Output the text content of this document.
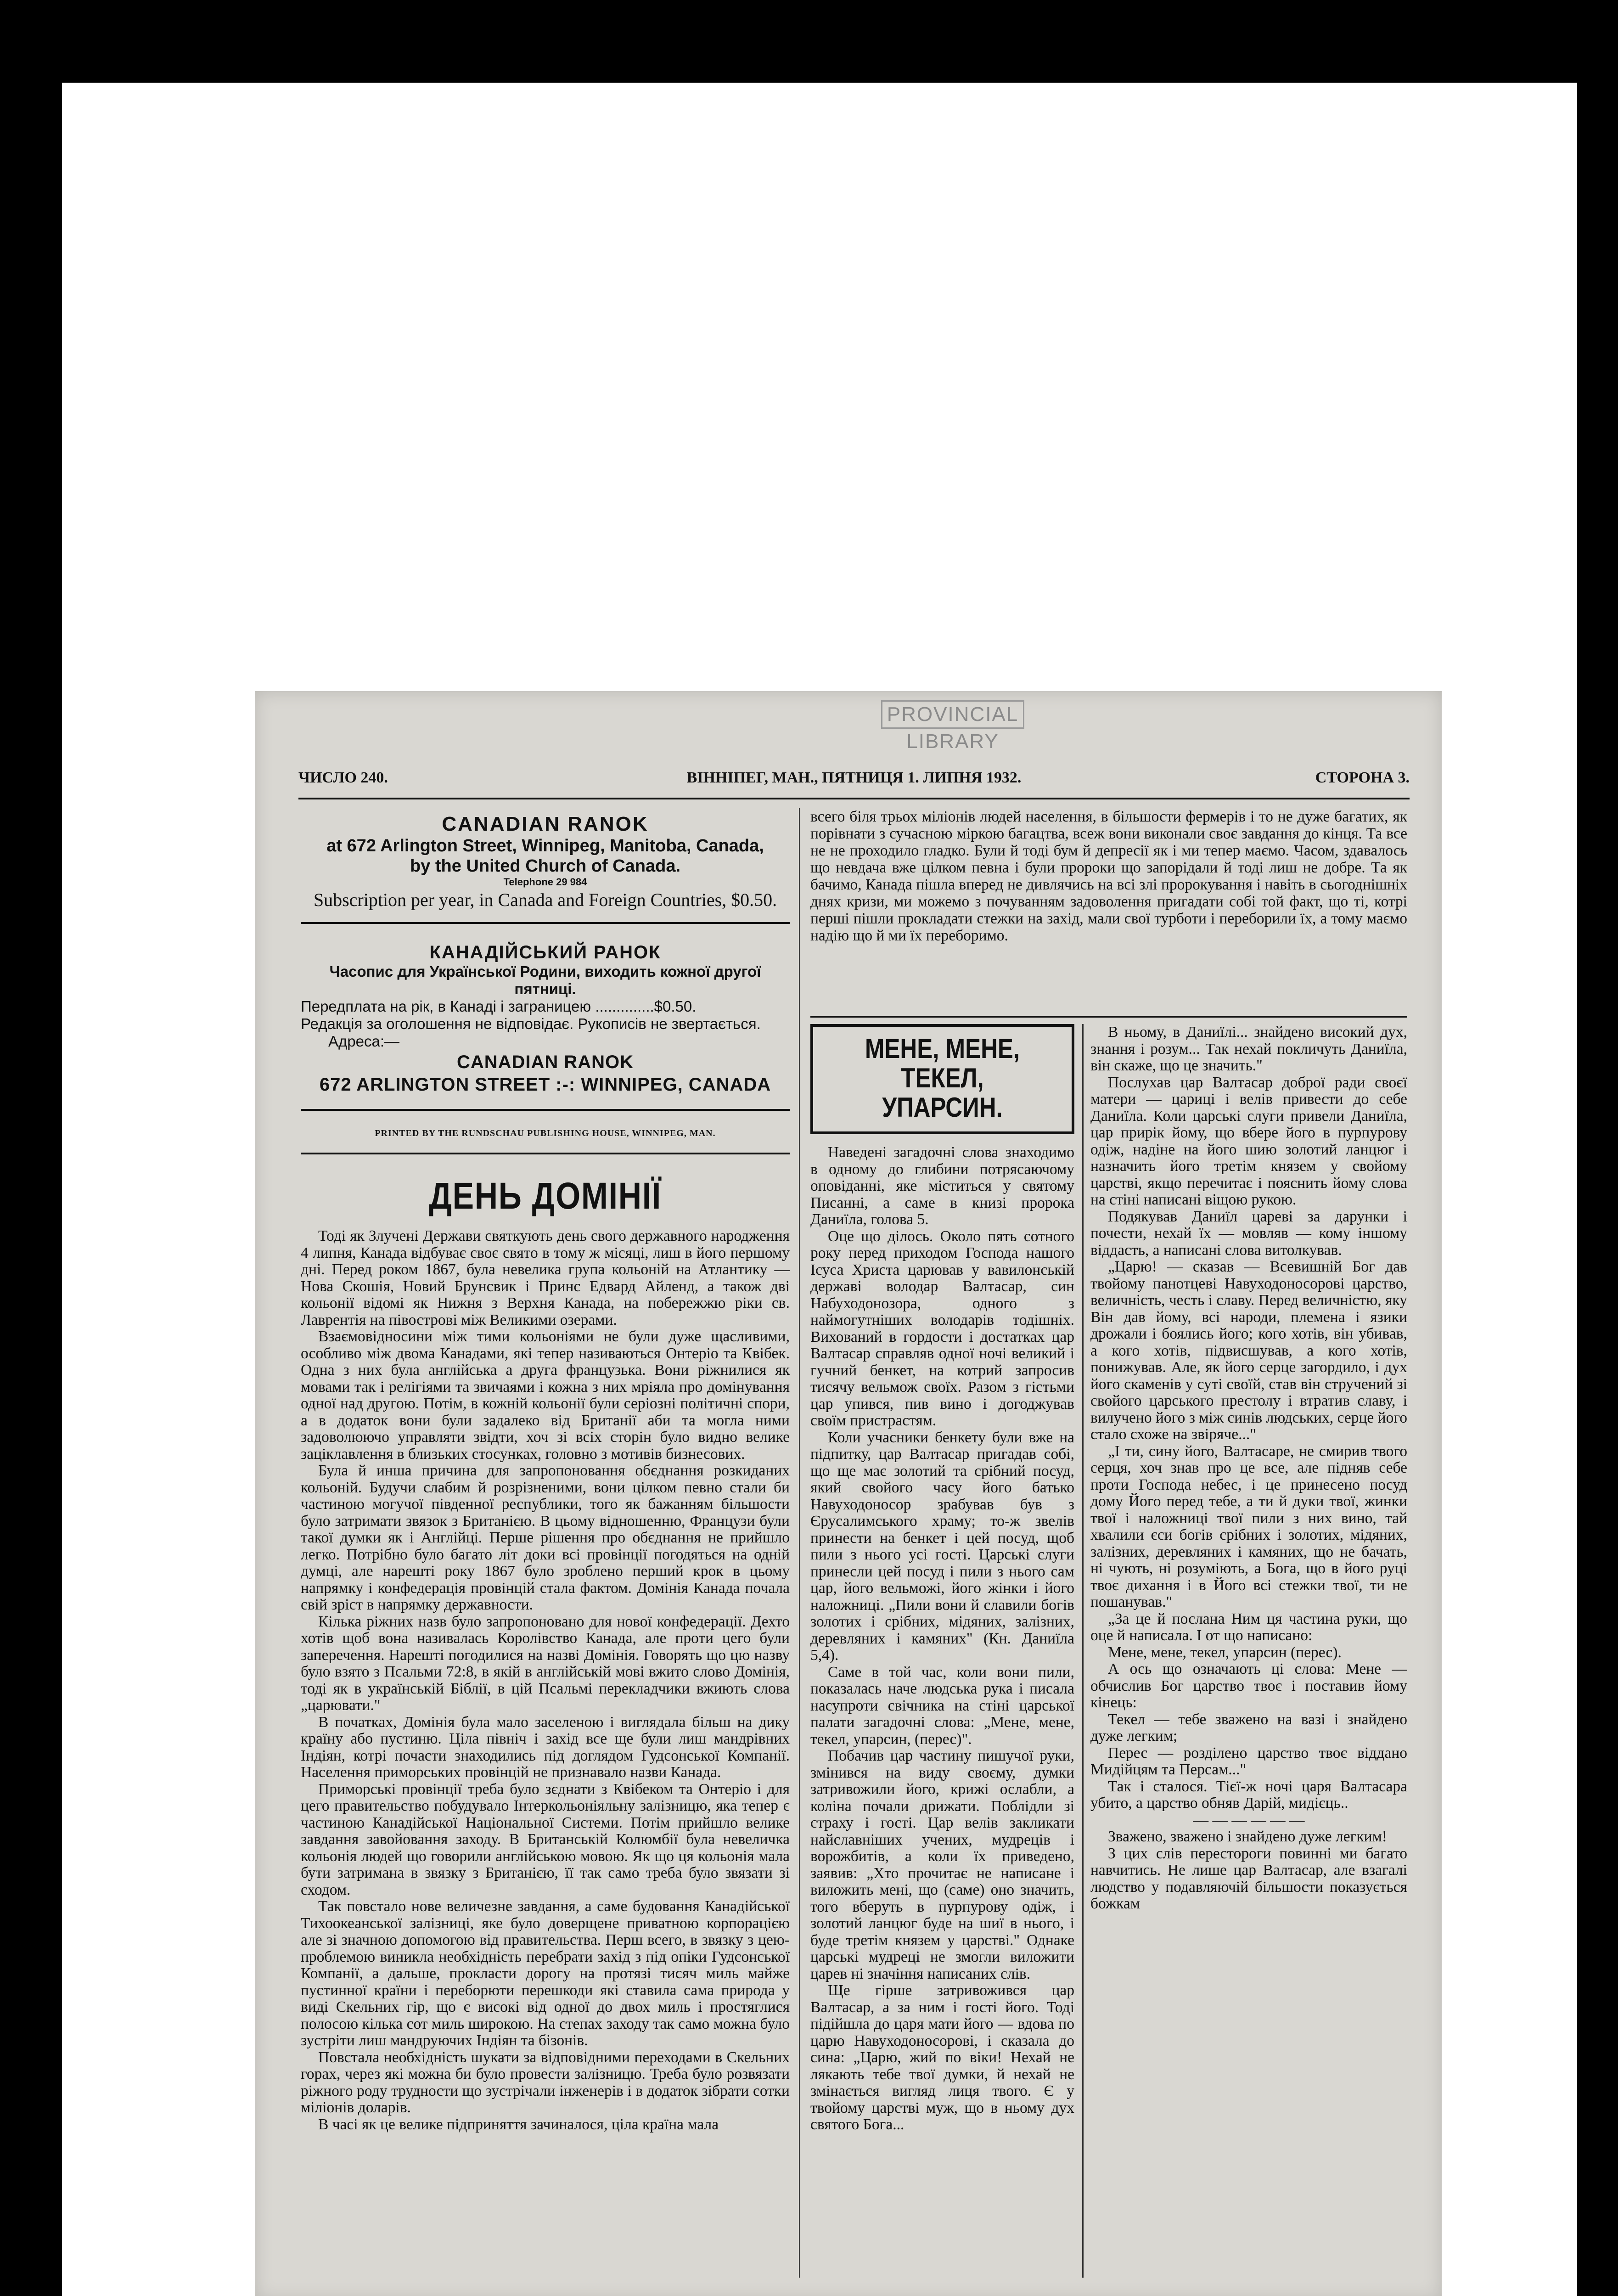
PROVINCIAL
LIBRARY
ЧИСЛО 240.	ВІННІПЕГ, МАН., ПЯТНИЦЯ 1. ЛИПНЯ 1932.	СТОРОНА 3.
CANADIAN RANOK
at 672 Arlington Street, Winnipeg, Manitoba, Canada,
by the United Church of Canada.
Telephone 29 984
Subscription per year, in Canada and Foreign Countries, $0.50.
КАНАДІЙСЬКИЙ РАНОК
Часопис для Української Родини, виходить кожної другої пятниці.
Передплата на рік, в Канаді і заграницею ..............$0.50.
Редакція за оголошення не відповідає. Рукописів не звертається.
Адреса:—
CANADIAN RANOK
672 ARLINGTON STREET :-: WINNIPEG, CANADA
PRINTED BY THE RUNDSCHAU PUBLISHING HOUSE, WINNIPEG, MAN.
ДЕНЬ ДОМІНІЇ

Тоді як Злучені Держави святкують день свого державного народження 4 липня, Канада відбуває своє свято в тому ж місяці, лиш в його першому дні. Перед роком 1867, була невелика група кольоній на Атлантику — Нова Скошія, Новий Брунсвик і Принс Едвард Айленд, а також дві кольонії відомі як Нижня з Верхня Канада, на побережжю ріки св. Лаврентія на півострові між Великими озерами.

Взаємовідносини між тими кольоніями не були дуже щасливими, особливо між двома Канадами, які тепер називаються Онтеріо та Квібек. Одна з них була англійська а друга французька. Вони ріжнилися як мовами так і релігіями та звичаями і кожна з них мріяла про домінування одної над другою. Потім, в кожній кольонії були серіозні політичні спори, а в додаток вони були задалеко від Британії аби та могла ними задоволюючо управляти звідти, хоч зі всіх сторін було видно велике заціклавлення в близьких стосунках, головно з мотивів бизнесових.

Була й инша причина для запропоновання обєднання розкиданих кольоній. Будучи слабим й розрізненими, вони цілком певно стали би частиною могучої південної республики, того як бажанням більшости було затримати звязок з Британією. В цьому відношенню, Французи були такої думки як і Англійці. Перше рішення про обєднання не прийшло легко. Потрібно було багато літ доки всі провінції погодяться на одній думці, але нарешті року 1867 було зроблено перший крок в цьому напрямку і конфедерація провінцій стала фактом. Домінія Канада почала свій зріст в напрямку державности.

Кілька ріжних назв було запропоновано для нової конфедерації. Дехто хотів щоб вона називалась Королівство Канада, але проти цего були заперечення. Нарешті погодилися на назві Домінія. Говорять що цю назву було взято з Псальми 72:8, в якій в англійській мові вжито слово Домінія, тоді як в українській Біблії, в цій Псальмі перекладчики вжиють слова „царювати."

В початках, Домінія була мало заселеною і виглядала більш на дику країну або пустиню. Ціла північ і захід все ще були лиш мандрівних Індіян, котрі почасти знаходились під доглядом Гудсонської Компанії. Населення приморських провінцій не признавало назви Канада.

Приморські провінції треба було зєднати з Квібеком та Онтеріо і для цего правительство побудувало Інтеркольоніяльну залізницю, яка тепер є частиною Канадійської Національної Системи. Потім прийшло велике завдання завойовання заходу. В Британській Колюмбії була невеличка кольонія людей що говорили англійською мовою. Як що ця кольонія мала бути затримана в звязку з Британією, її так само треба було звязати зі сходом.

Так повстало нове величезне завдання, а саме будовання Канадійської Тихоокеанської залізниці, яке було доверщене приватною корпорацією але зі значною допомогою від правительства. Перш всего, в звязку з цею-проблемою виникла необхідність перебрати захід з під опіки Гудсонської Компанії, а дальше, прокласти дорогу на протязі тисяч миль майже пустинної країни і переборюти перешкоди які ставила сама природа у виді Скельних гір, що є високі від одної до двох миль і простяглися полосою кілька сот миль широкою. На степах заходу так само можна було зустріти лиш мандруючих Індіян та бізонів.

Повстала необхідність шукати за відповідними переходами в Скельних горах, через які можна би було провести залізницю. Треба було розвязати ріжного роду трудности що зустрічали інженерів і в додаток зібрати сотки міліонів доларів.

В часі як це велике підприняття зачиналося, ціла країна мала

всего біля трьох міліонів людей населення, в більшости фермерів і то не дуже багатих, як порівнати з сучасною міркою багацтва, всеж вони виконали своє завдання до кінця. Та все не не проходило гладко. Були й тоді бум й депресії як і ми тепер маємо. Часом, здавалось що невдача вже цілком певна і були пророки що запорідали й тоді лиш не добре. Та як бачимо, Канада пішла вперед не дивлячись на всі злі пророкування і навіть в сьогоднішніх днях кризи, ми можемо з почуванням задоволення пригадати собі той факт, що ті, котрі перші пішли прокладати стежки на захід, мали свої турботи і переборили їх, а тому маємо надію що й ми їх переборимо.

МЕНЕ, МЕНЕ, ТЕКЕЛ,
УПАРСИН.

Наведені загадочні слова знаходимо в одному до глибини потрясаючому оповіданні, яке міститься у святому Писанні, а саме в книзі пророка Даниїла, голова 5.

Оце що ділось. Около пять сотного року перед приходом Господа нашого Ісуса Христа царював у вавилонській державі володар Валтасар, син Набуходонозора, одного з наймогутніших володарів тодішніх. Вихований в гордости і достатках цар Валтасар справляв одної ночі великий і гучний бенкет, на котрий запросив тисячу вельмож своїх. Разом з гістьми цар упився, пив вино і догоджував своїм пристрастям.

Коли учасники бенкету були вже на підпитку, цар Валтасар пригадав собі, що ще має золотий та срібний посуд, який свойого часу його батько Навуходоносор зрабував був з Єрусалимського храму; то-ж звелів принести на бенкет і цей посуд, щоб пили з нього усі гості. Царські слуги принесли цей посуд і пили з нього сам цар, його вельможі, його жінки і його наложниці. „Пили вони й славили богів золотих і срібних, мідяних, залізних, деревляних і камяних" (Кн. Даниїла 5,4).

Саме в той час, коли вони пили, показалась наче людська рука і писала насупроти свічника на стіні царської палати загадочні слова: „Мене, мене, текел, упарсин, (перес)".

Побачив цар частину пишучої руки, змінився на виду своєму, думки затривожили його, крижі ослабли, а коліна почали дрижати. Поблідли зі страху і гості. Цар велів закликати найславніших учених, мудреців і ворожбитів, а коли їх приведено, заявив: „Хто прочитає не написане і виложить мені, що (саме) оно значить, того вберуть в пурпурову одіж, і золотий ланцюг буде на шиї в нього, і буде третім князем у царстві." Однаке царські мудреці не змогли виложити царев ні значіння написаних слів.

Ще гірше затривожився цар Валтасар, а за ним і гості його. Тоді підійшла до царя мати його — вдова по царю Навуходоносорові, і сказала до сина: „Царю, жий по віки! Нехай не лякають тебе твої думки, й нехай не змінається вигляд лиця твого. Є у твойому царстві муж, що в ньому дух святого Бога...

В ньому, в Даниїлі... знайдено високий дух, знання і розум... Так нехай покличуть Даниїла, він скаже, що це значить."

Послухав цар Валтасар доброї ради своєї матери — цариці і велів привести до себе Даниїла. Коли царські слуги привели Даниїла, цар прирік йому, що вбере його в пурпурову одіж, надіне на його шию золотий ланцюг і назначить його третім князем у свойому царстві, якщо перечитає і пояснить йому слова на стіні написані віщою рукою.

Подякував Даниїл цареві за дарунки і почести, нехай їх — мовляв — кому іншому віддасть, а написані слова витолкував.

„Царю! — сказав — Всевишній Бог дав твойому панотцеві Навуходоносорові царство, величність, честь і славу. Перед величністю, яку Він дав йому, всі народи, племена і язики дрожали і боялись його; кого хотів, він убивав, а кого хотів, підвисшував, а кого хотів, понижував. Але, як його серце загордило, і дух його скаменів у суті своїй, став він стручений зі свойого царського престолу і втратив славу, і вилучено його з між синів людських, серце його стало схоже на звіряче..."

„І ти, сину його, Валтасаре, не смирив твого серця, хоч знав про це все, але підняв себе проти Господа небес, і це принесено посуд дому Його перед тебе, а ти й дуки твої, жинки твої і наложниці твої пили з них вино, тай хвалили єси богів срібних і золотих, мідяних, залізних, деревляних і камяних, що не бачать, ні чують, ні розуміють, а Бога, що в його руці твоє дихання і в Його всі стежки твої, ти не пошанував."

„За це й послана Ним ця частина руки, що оце й написала. І от що написано:

Мене, мене, текел, упарсин (перес).

А ось що означають ці слова: Мене — обчислив Бог царство твоє і поставив йому кінець:

Текел — тебе зважено на вазі і знайдено дуже легким;

Перес — розділено царство твоє віддано Мидійцям та Персам..."

Так і сталося. Тієї-ж ночі царя Валтасара убито, а царство обняв Дарій, мидієць..

— — — — — —

Зважено, зважено і знайдено дуже легким!

З цих слів перестороги повинні ми багато навчитись. Не лише цар Валтасар, але взагалі людство у подавляючій більшости показується божкам
